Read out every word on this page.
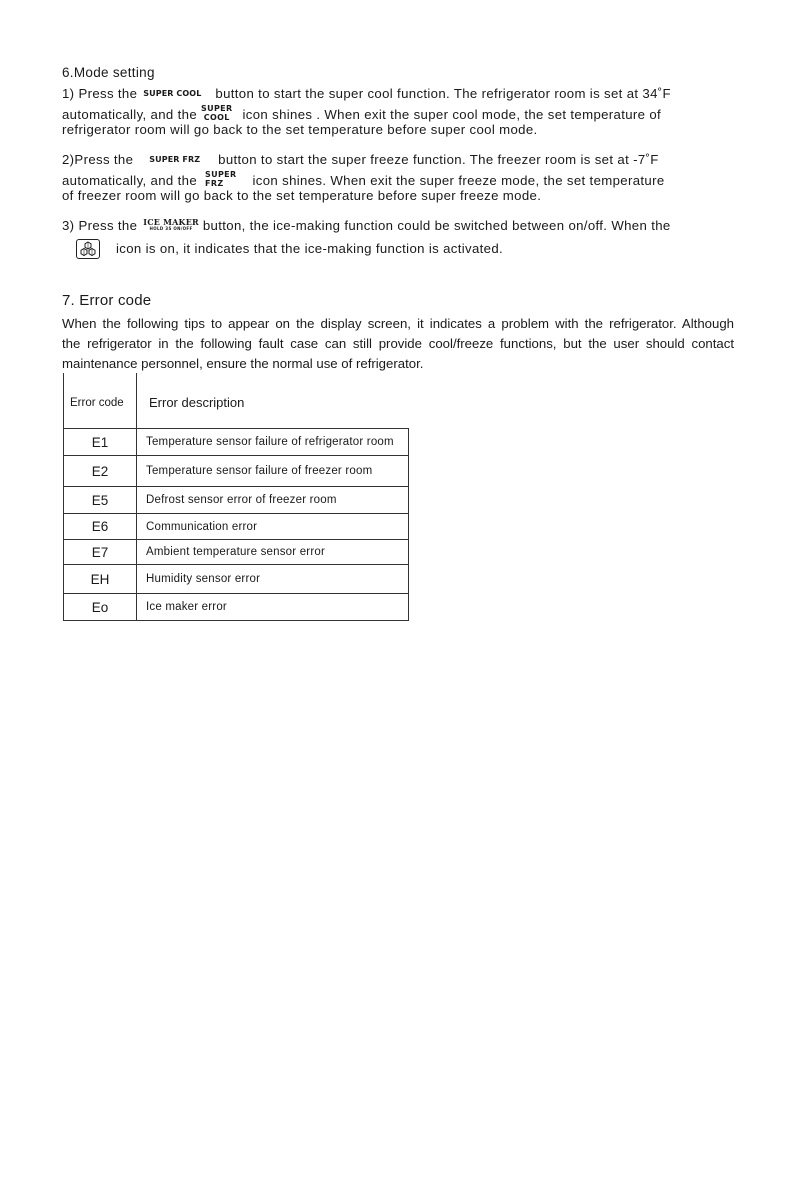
6.Mode setting
1) Press the SUPER COOL button to start the super cool function. The refrigerator room is set at 34˚F
automatically, and the SUPER
COOL icon shines . When exit the super cool mode, the set temperature of
refrigerator room will go back to the set temperature before super cool mode.
2)Press the SUPER FRZ button to start the super freeze function. The freezer room is set at -7˚F
automatically, and the SUPER
FRZ	icon shines. When exit the super freeze mode, the set temperature
of freezer room will go back to the set temperature before super freeze mode.
3) Press the ICE MAKER
HOLD 3S ON/OFF button, the ice-making function could be switched between on/off. When the
icon is on, it indicates that the ice-making function is activated.
7. Error code
When the following tips to appear on the display screen, it indicates a problem with the refrigerator. Although
the refrigerator in the following fault case can still provide cool/freeze functions, but the user should contact
maintenance personnel, ensure the normal use of refrigerator.
Error code	Error description
E1	Temperature sensor failure of refrigerator room
E2	Temperature sensor failure of freezer room
E5	Defrost sensor error of freezer room
E6	Communication error
E7	Ambient temperature sensor error
EH	Humidity sensor error
Eo	Ice maker error
